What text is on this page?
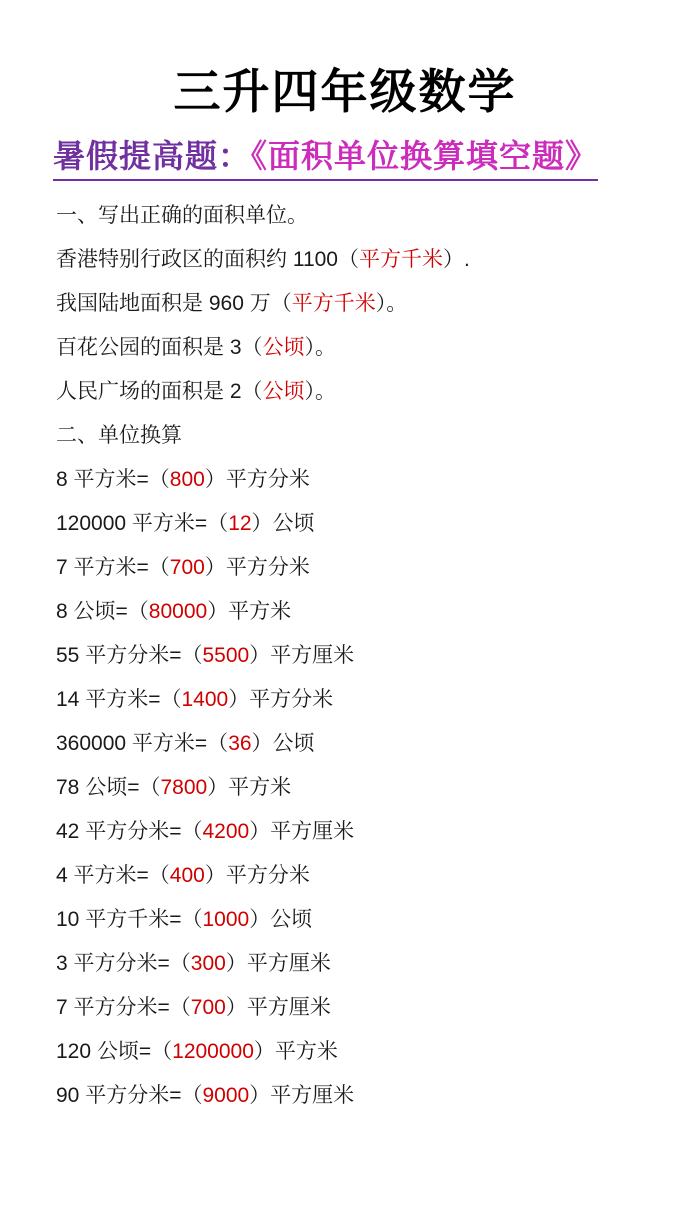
三升四年级数学
暑假提高题：《面积单位换算填空题》

一、写出正确的面积单位。

香港特别行政区的面积约 1100（平方千米）.

我国陆地面积是 960 万（平方千米）。

百花公园的面积是 3（公顷）。

人民广场的面积是 2（公顷）。

二、单位换算

8 平方米=（800）平方分米

120000 平方米=（12）公顷

7 平方米=（700）平方分米

8 公顷=（80000）平方米

55 平方分米=（5500）平方厘米

14 平方米=（1400）平方分米

360000 平方米=（36）公顷

78 公顷=（7800）平方米

42 平方分米=（4200）平方厘米

4 平方米=（400）平方分米

10 平方千米=（1000）公顷

3 平方分米=（300）平方厘米

7 平方分米=（700）平方厘米

120 公顷=（1200000）平方米

90 平方分米=（9000）平方厘米
